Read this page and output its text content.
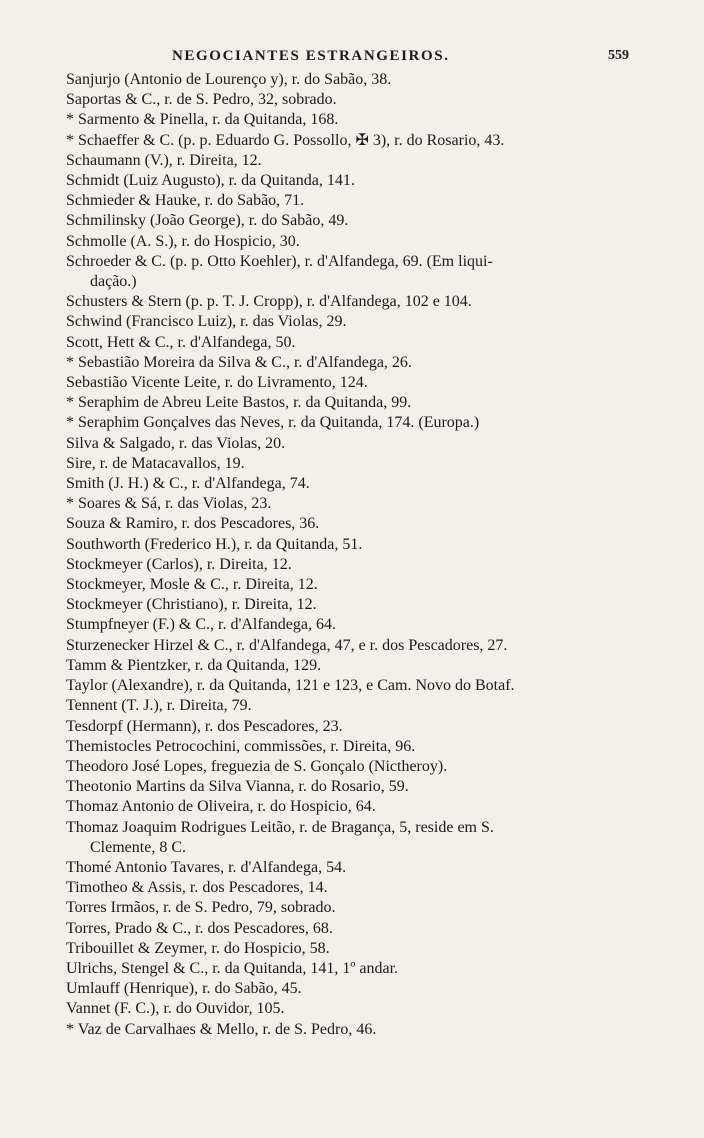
NEGOCIANTES ESTRANGEIROS.	559
Sanjurjo (Antonio de Lourenço y), r. do Sabão, 38.
Saportas & C., r. de S. Pedro, 32, sobrado.
* Sarmento & Pinella, r. da Quitanda, 168.
* Schaeffer & C. (p. p. Eduardo G. Possollo, ✠ 3), r. do Rosario, 43.
Schaumann (V.), r. Direita, 12.
Schmidt (Luiz Augusto), r. da Quitanda, 141.
Schmieder & Hauke, r. do Sabão, 71.
Schmilinsky (João George), r. do Sabão, 49.
Schmolle (A. S.), r. do Hospicio, 30.
Schroeder & C. (p. p. Otto Koehler), r. d'Alfandega, 69. (Em liqui-
dação.)
Schusters & Stern (p. p. T. J. Cropp), r. d'Alfandega, 102 e 104.
Schwind (Francisco Luiz), r. das Violas, 29.
Scott, Hett & C., r. d'Alfandega, 50.
* Sebastião Moreira da Silva & C., r. d'Alfandega, 26.
Sebastião Vicente Leite, r. do Livramento, 124.
* Seraphim de Abreu Leite Bastos, r. da Quitanda, 99.
* Seraphim Gonçalves das Neves, r. da Quitanda, 174. (Europa.)
Silva & Salgado, r. das Violas, 20.
Sire, r. de Matacavallos, 19.
Smith (J. H.) & C., r. d'Alfandega, 74.
* Soares & Sá, r. das Violas, 23.
Souza & Ramiro, r. dos Pescadores, 36.
Southworth (Frederico H.), r. da Quitanda, 51.
Stockmeyer (Carlos), r. Direita, 12.
Stockmeyer, Mosle & C., r. Direita, 12.
Stockmeyer (Christiano), r. Direita, 12.
Stumpfneyer (F.) & C., r. d'Alfandega, 64.
Sturzenecker Hirzel & C., r. d'Alfandega, 47, e r. dos Pescadores, 27.
Tamm & Pientzker, r. da Quitanda, 129.
Taylor (Alexandre), r. da Quitanda, 121 e 123, e Cam. Novo do Botaf.
Tennent (T. J.), r. Direita, 79.
Tesdorpf (Hermann), r. dos Pescadores, 23.
Themistocles Petrocochini, commissões, r. Direita, 96.
Theodoro José Lopes, freguezia de S. Gonçalo (Nictheroy).
Theotonio Martins da Silva Vianna, r. do Rosario, 59.
Thomaz Antonio de Oliveira, r. do Hospicio, 64.
Thomaz Joaquim Rodrigues Leitão, r. de Bragança, 5, reside em S.
Clemente, 8 C.
Thomé Antonio Tavares, r. d'Alfandega, 54.
Timotheo & Assis, r. dos Pescadores, 14.
Torres Irmãos, r. de S. Pedro, 79, sobrado.
Torres, Prado & C., r. dos Pescadores, 68.
Tribouillet & Zeymer, r. do Hospicio, 58.
Ulrichs, Stengel & C., r. da Quitanda, 141, 1º andar.
Umlauff (Henrique), r. do Sabão, 45.
Vannet (F. C.), r. do Ouvidor, 105.
* Vaz de Carvalhaes & Mello, r. de S. Pedro, 46.
